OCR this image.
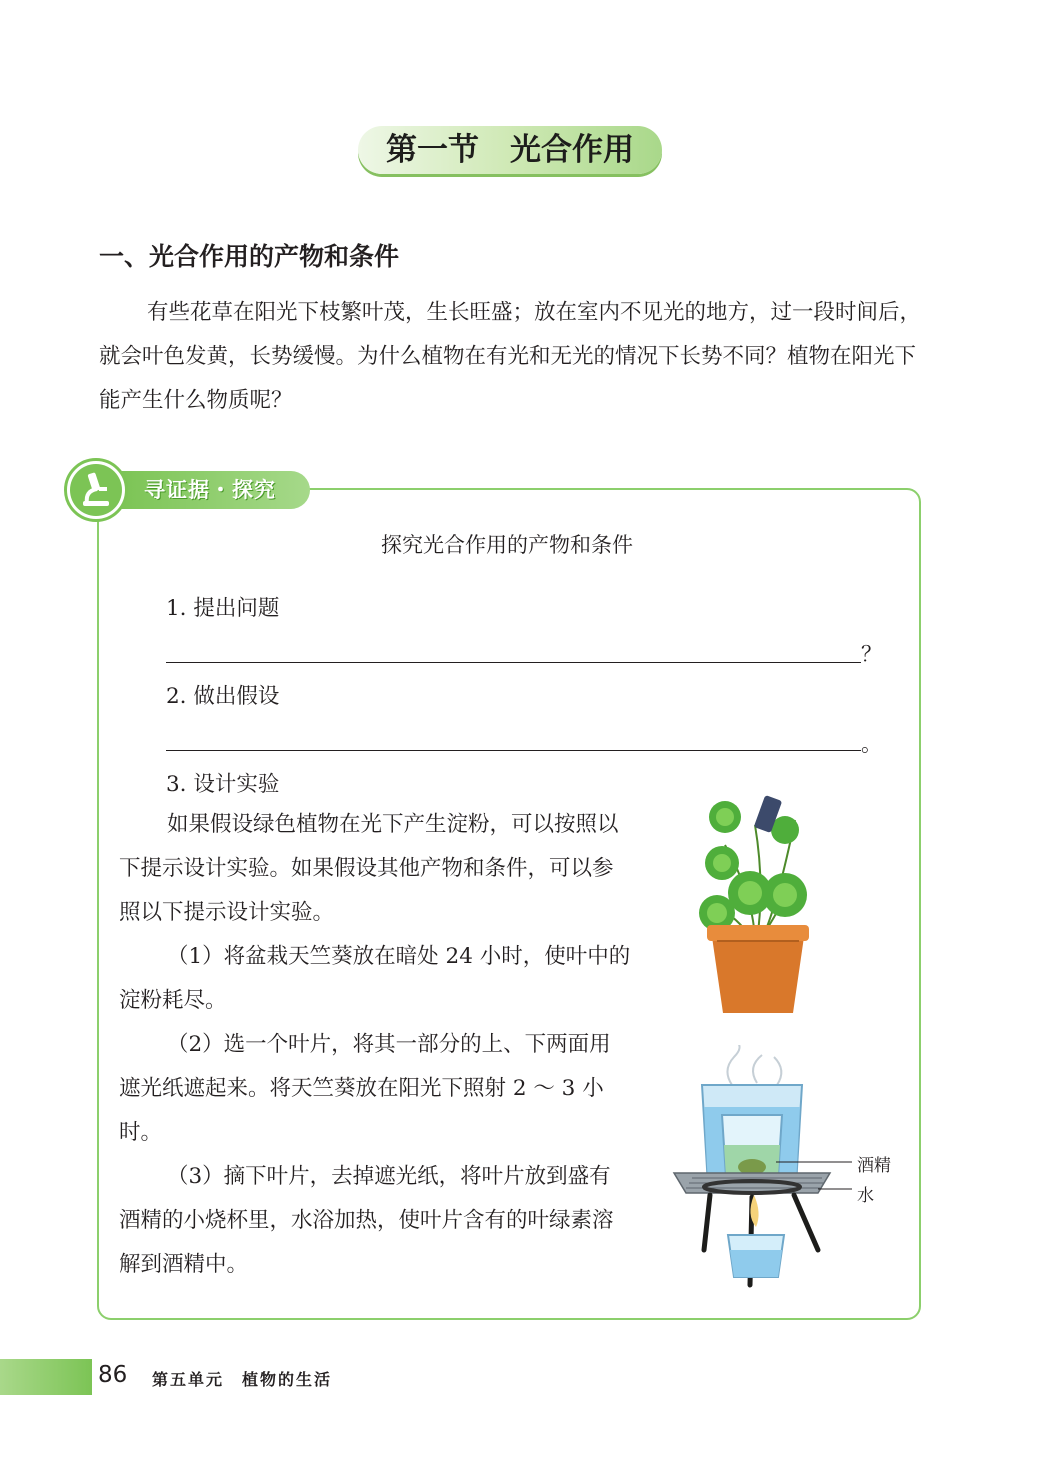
第一节　光合作用
一、光合作用的产物和条件

有些花草在阳光下枝繁叶茂，生长旺盛；放在室内不见光的地方，过一段时间后，就会叶色发黄，长势缓慢。为什么植物在有光和无光的情况下长势不同？植物在阳光下能产生什么物质呢？

寻证据・探究
探究光合作用的产物和条件
1. 提出问题
？
2. 做出假设
。
3. 设计实验

如果假设绿色植物在光下产生淀粉，可以按照以下提示设计实验。如果假设其他产物和条件，可以参照以下提示设计实验。

（1）将盆栽天竺葵放在暗处 24 小时，使叶中的淀粉耗尽。

（2）选一个叶片，将其一部分的上、下两面用遮光纸遮起来。将天竺葵放在阳光下照射 2 ～ 3 小时。

（3）摘下叶片，去掉遮光纸，将叶片放到盛有酒精的小烧杯里，水浴加热，使叶片含有的叶绿素溶解到酒精中。

酒精
水
86 第五单元　植物的生活
